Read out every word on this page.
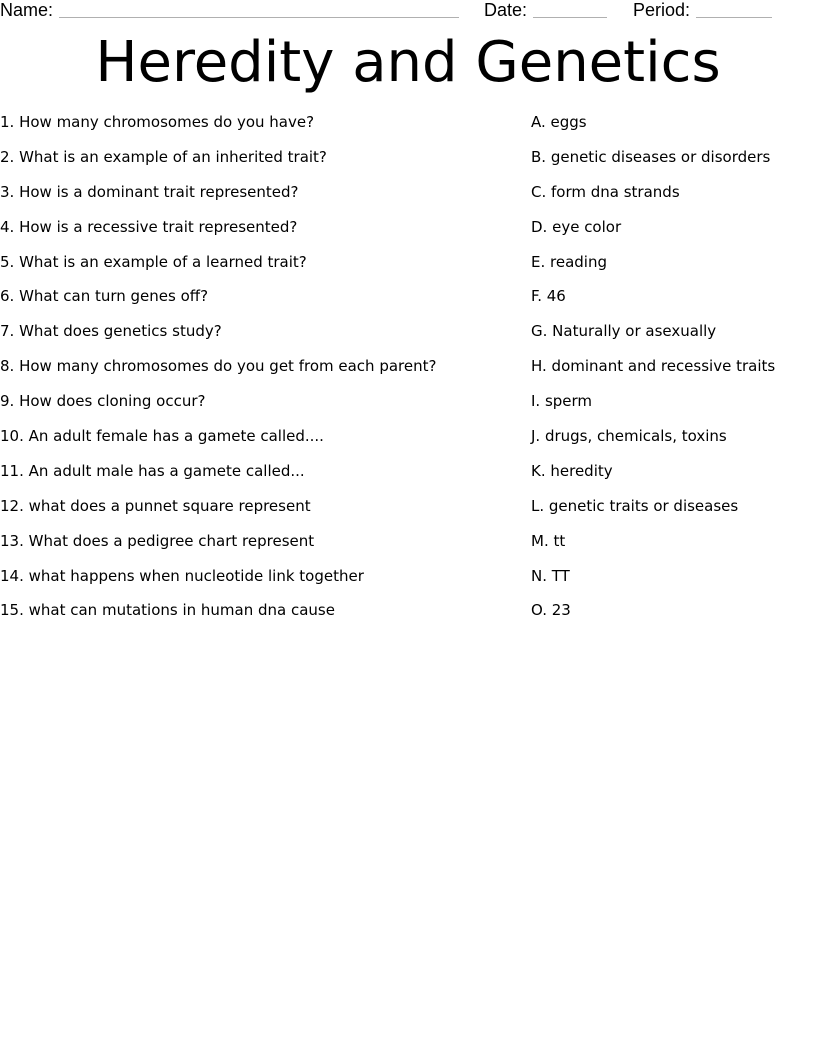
Name:	Date:	Period:
Heredity and Genetics
1. How many chromosomes do you have?
2. What is an example of an inherited trait?
3. How is a dominant trait represented?
4. How is a recessive trait represented?
5. What is an example of a learned trait?
6. What can turn genes off?
7. What does genetics study?
8. How many chromosomes do you get from each parent?
9. How does cloning occur?
10. An adult female has a gamete called....
11. An adult male has a gamete called...
12. what does a punnet square represent
13. What does a pedigree chart represent
14. what happens when nucleotide link together
15. what can mutations in human dna cause
A. eggs
B. genetic diseases or disorders
C. form dna strands
D. eye color
E. reading
F. 46
G. Naturally or asexually
H. dominant and recessive traits
I. sperm
J. drugs, chemicals, toxins
K. heredity
L. genetic traits or diseases
M. tt
N. TT
O. 23
